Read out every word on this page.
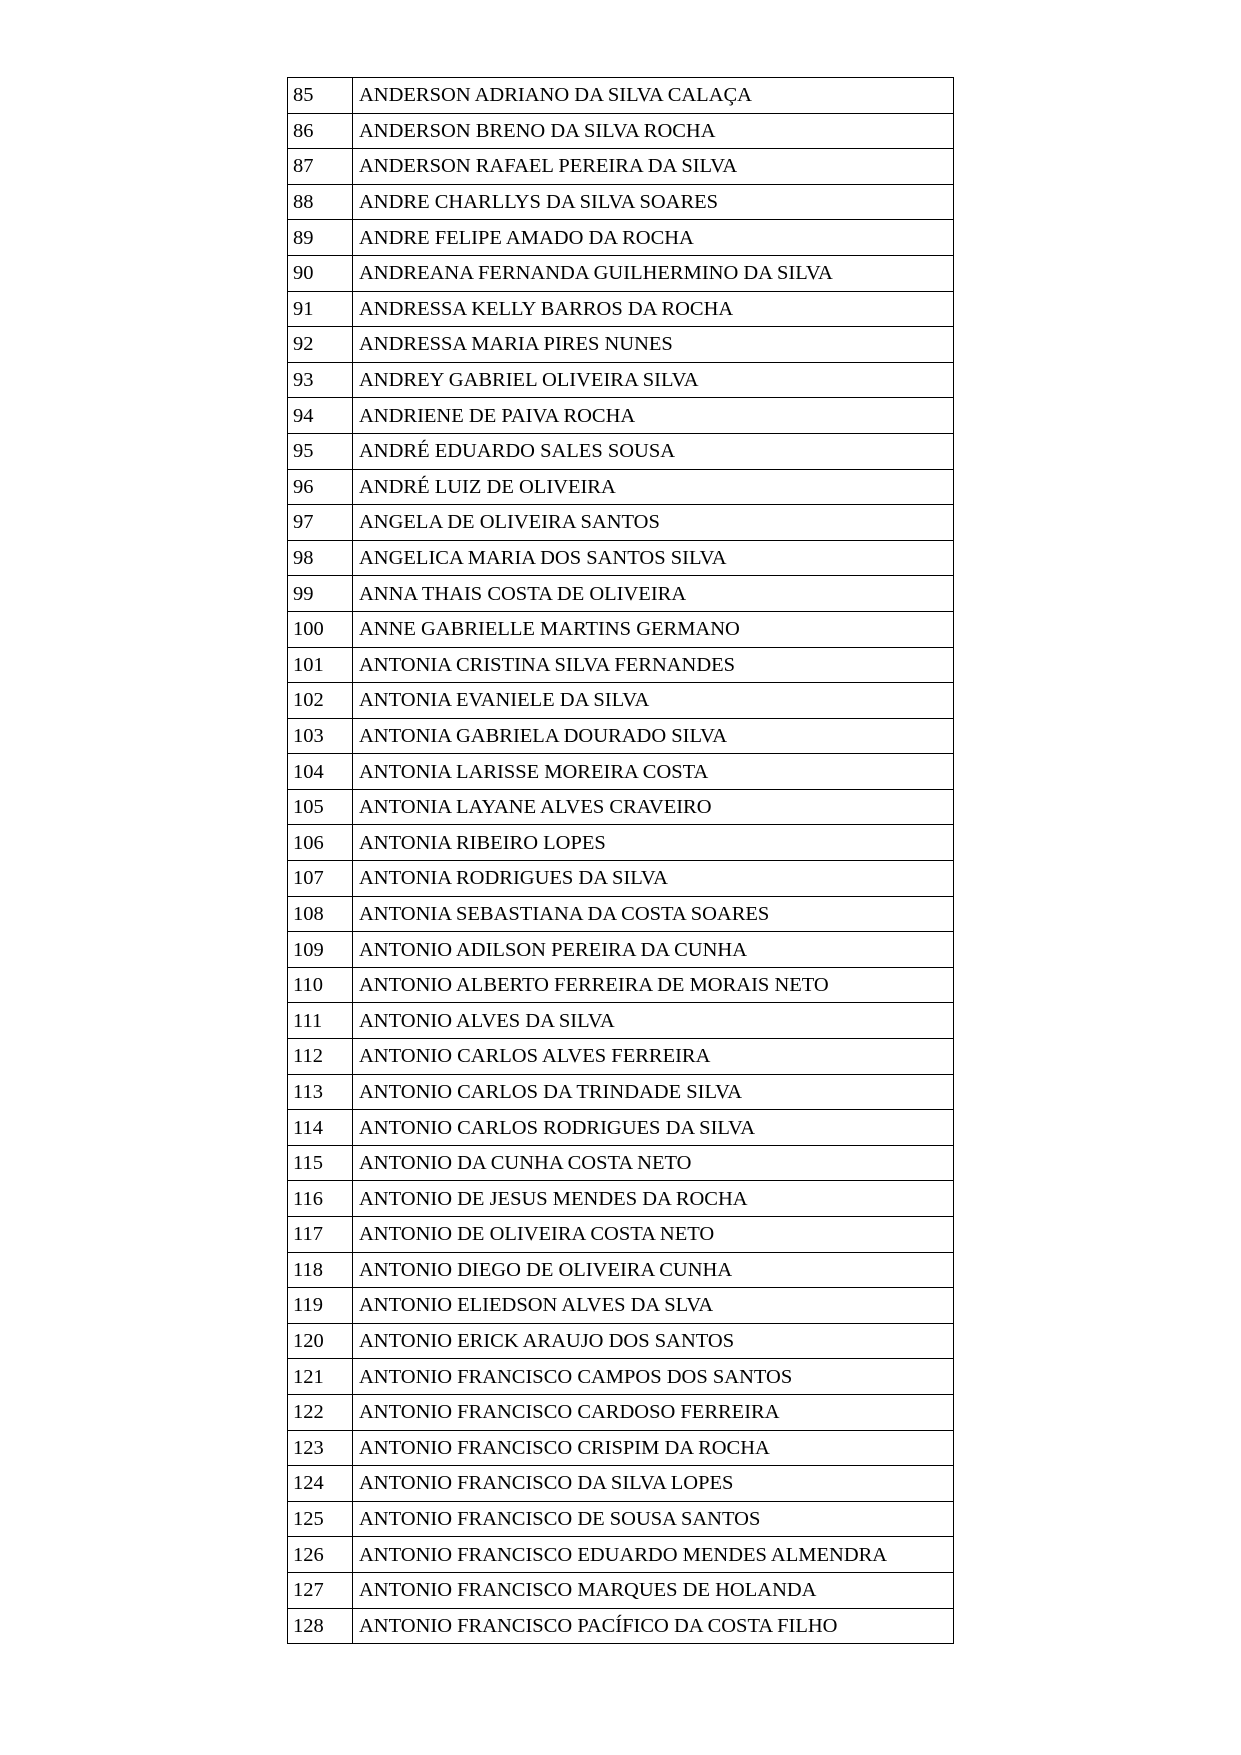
85	ANDERSON ADRIANO DA SILVA CALAÇA
86	ANDERSON BRENO DA SILVA ROCHA
87	ANDERSON RAFAEL PEREIRA DA SILVA
88	ANDRE CHARLLYS DA SILVA SOARES
89	ANDRE FELIPE AMADO DA ROCHA
90	ANDREANA FERNANDA GUILHERMINO DA SILVA
91	ANDRESSA KELLY BARROS DA ROCHA
92	ANDRESSA MARIA PIRES NUNES
93	ANDREY GABRIEL OLIVEIRA SILVA
94	ANDRIENE DE PAIVA ROCHA
95	ANDRÉ EDUARDO SALES SOUSA
96	ANDRÉ LUIZ DE OLIVEIRA
97	ANGELA DE OLIVEIRA SANTOS
98	ANGELICA MARIA DOS SANTOS SILVA
99	ANNA THAIS COSTA DE OLIVEIRA
100	ANNE GABRIELLE MARTINS GERMANO
101	ANTONIA CRISTINA SILVA FERNANDES
102	ANTONIA EVANIELE DA SILVA
103	ANTONIA GABRIELA DOURADO SILVA
104	ANTONIA LARISSE MOREIRA COSTA
105	ANTONIA LAYANE ALVES CRAVEIRO
106	ANTONIA RIBEIRO LOPES
107	ANTONIA RODRIGUES DA SILVA
108	ANTONIA SEBASTIANA DA COSTA SOARES
109	ANTONIO ADILSON PEREIRA DA CUNHA
110	ANTONIO ALBERTO FERREIRA DE MORAIS NETO
111	ANTONIO ALVES DA SILVA
112	ANTONIO CARLOS ALVES FERREIRA
113	ANTONIO CARLOS DA TRINDADE SILVA
114	ANTONIO CARLOS RODRIGUES DA SILVA
115	ANTONIO DA CUNHA COSTA NETO
116	ANTONIO DE JESUS MENDES DA ROCHA
117	ANTONIO DE OLIVEIRA COSTA NETO
118	ANTONIO DIEGO DE OLIVEIRA CUNHA
119	ANTONIO ELIEDSON ALVES DA SLVA
120	ANTONIO ERICK ARAUJO DOS SANTOS
121	ANTONIO FRANCISCO CAMPOS DOS SANTOS
122	ANTONIO FRANCISCO CARDOSO FERREIRA
123	ANTONIO FRANCISCO CRISPIM DA ROCHA
124	ANTONIO FRANCISCO DA SILVA LOPES
125	ANTONIO FRANCISCO DE SOUSA SANTOS
126	ANTONIO FRANCISCO EDUARDO MENDES ALMENDRA
127	ANTONIO FRANCISCO MARQUES DE HOLANDA
128	ANTONIO FRANCISCO PACÍFICO DA COSTA FILHO
